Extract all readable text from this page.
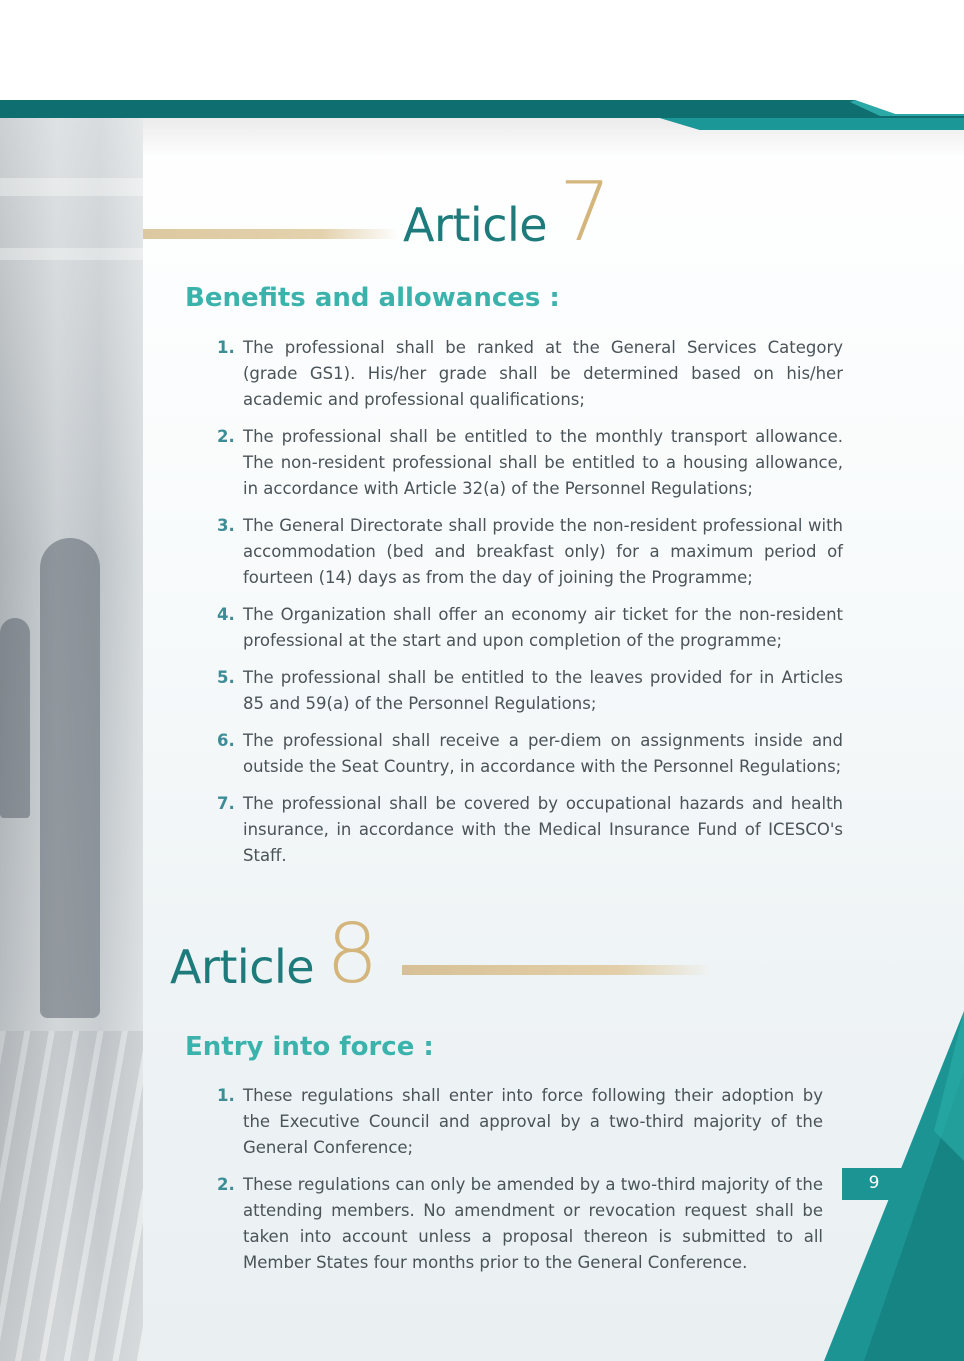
Article 7
Benefits and allowances :
1. The professional shall be ranked at the General Services Category (grade GS1). His/her grade shall be determined based on his/her academic and professional qualifications;
2. The professional shall be entitled to the monthly transport allowance. The non-resident professional shall be entitled to a housing allowance, in accordance with Article 32(a) of the Personnel Regulations;
3. The General Directorate shall provide the non-resident professional with accommodation (bed and breakfast only) for a maximum period of fourteen (14) days as from the day of joining the Programme;
4. The Organization shall offer an economy air ticket for the non-resident professional at the start and upon completion of the programme;
5. The professional shall be entitled to the leaves provided for in Articles 85 and 59(a) of the Personnel Regulations;
6. The professional shall receive a per-diem on assignments inside and outside the Seat Country, in accordance with the Personnel Regulations;
7. The professional shall be covered by occupational hazards and health insurance, in accordance with the Medical Insurance Fund of ICESCO's Staff.
Article 8
Entry into force :
1. These regulations shall enter into force following their adoption by the Executive Council and approval by a two-third majority of the General Conference;
2. These regulations can only be amended by a two-third majority of the attending members. No amendment or revocation request shall be taken into account unless a proposal thereon is submitted to all Member States four months prior to the General Conference.
9
